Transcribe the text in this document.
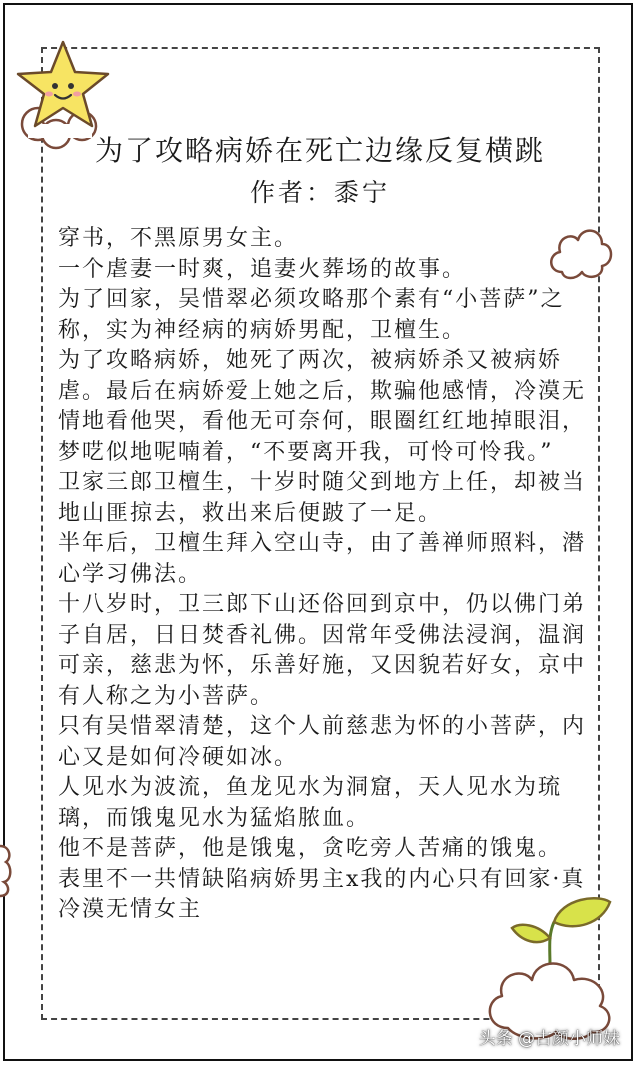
为了攻略病娇在死亡边缘反复横跳
作者：黍宁

穿书，不黑原男女主。

一个虐妻一时爽，追妻火葬场的故事。

为了回家，吴惜翠必须攻略那个素有“小菩萨”之称，实为神经病的病娇男配，卫檀生。

为了攻略病娇，她死了两次，被病娇杀又被病娇虐。最后在病娇爱上她之后，欺骗他感情，冷漠无情地看他哭，看他无可奈何，眼圈红红地掉眼泪，梦呓似地呢喃着，“不要离开我，可怜可怜我。”

卫家三郎卫檀生，十岁时随父到地方上任，却被当地山匪掠去，救出来后便跛了一足。

半年后，卫檀生拜入空山寺，由了善禅师照料，潜心学习佛法。

十八岁时，卫三郎下山还俗回到京中，仍以佛门弟子自居，日日焚香礼佛。因常年受佛法浸润，温润可亲，慈悲为怀，乐善好施，又因貌若好女，京中有人称之为小菩萨。

只有吴惜翠清楚，这个人前慈悲为怀的小菩萨，内心又是如何冷硬如冰。

人见水为波流，鱼龙见水为洞窟，天人见水为琉璃，而饿鬼见水为猛焰脓血。

他不是菩萨，他是饿鬼，贪吃旁人苦痛的饿鬼。

表里不一共情缺陷病娇男主x我的内心只有回家·真冷漠无情女主

头条 @古颜小师妹
